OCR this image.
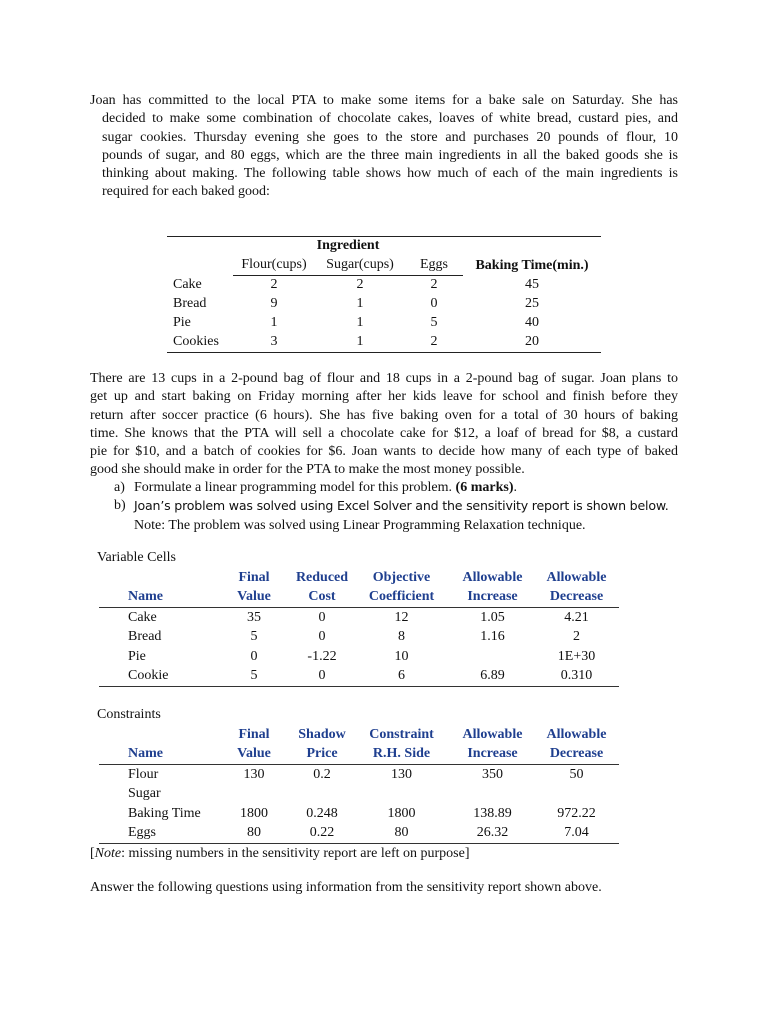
Joan has committed to the local PTA to make some items for a bake sale on Saturday. She has
decided to make some combination of chocolate cakes, loaves of white bread, custard pies, and
sugar cookies. Thursday evening she goes to the store and purchases 20 pounds of flour, 10
pounds of sugar, and 80 eggs, which are the three main ingredients in all the baked goods she is
thinking about making. The following table shows how much of each of the main ingredients is
required for each baked good:
	Ingredient			
	Flour(cups)	Sugar(cups)	Eggs	Baking Time(min.)
Cake	2	2	2	45
Bread	9	1	0	25
Pie	1	1	5	40
Cookies	3	1	2	20
There are 13 cups in a 2-pound bag of flour and 18 cups in a 2-pound bag of sugar. Joan plans to
get up and start baking on Friday morning after her kids leave for school and finish before they
return after soccer practice (6 hours). She has five baking oven for a total of 30 hours of baking
time. She knows that the PTA will sell a chocolate cake for $12, a loaf of bread for $8, a custard
pie for $10, and a batch of cookies for $6. Joan wants to decide how many of each type of baked
good she should make in order for the PTA to make the most money possible.
a) Formulate a linear programming model for this problem. (6 marks).
b) Joan’s problem was solved using Excel Solver and the sensitivity report is shown below.
Note: The problem was solved using Linear Programming Relaxation technique.
Variable Cells
	Final	Reduced	Objective	Allowable	Allowable
Name	Value	Cost	Coefficient	Increase	Decrease
Cake	35	0	12	1.05	4.21
Bread	5	0	8	1.16	2
Pie	0	-1.22	10		1E+30
Cookie	5	0	6	6.89	0.310
Constraints
	Final	Shadow	Constraint	Allowable	Allowable
Name	Value	Price	R.H. Side	Increase	Decrease
Flour	130	0.2	130	350	50
Sugar					
Baking Time	1800	0.248	1800	138.89	972.22
Eggs	80	0.22	80	26.32	7.04
[Note: missing numbers in the sensitivity report are left on purpose]
Answer the following questions using information from the sensitivity report shown above.
